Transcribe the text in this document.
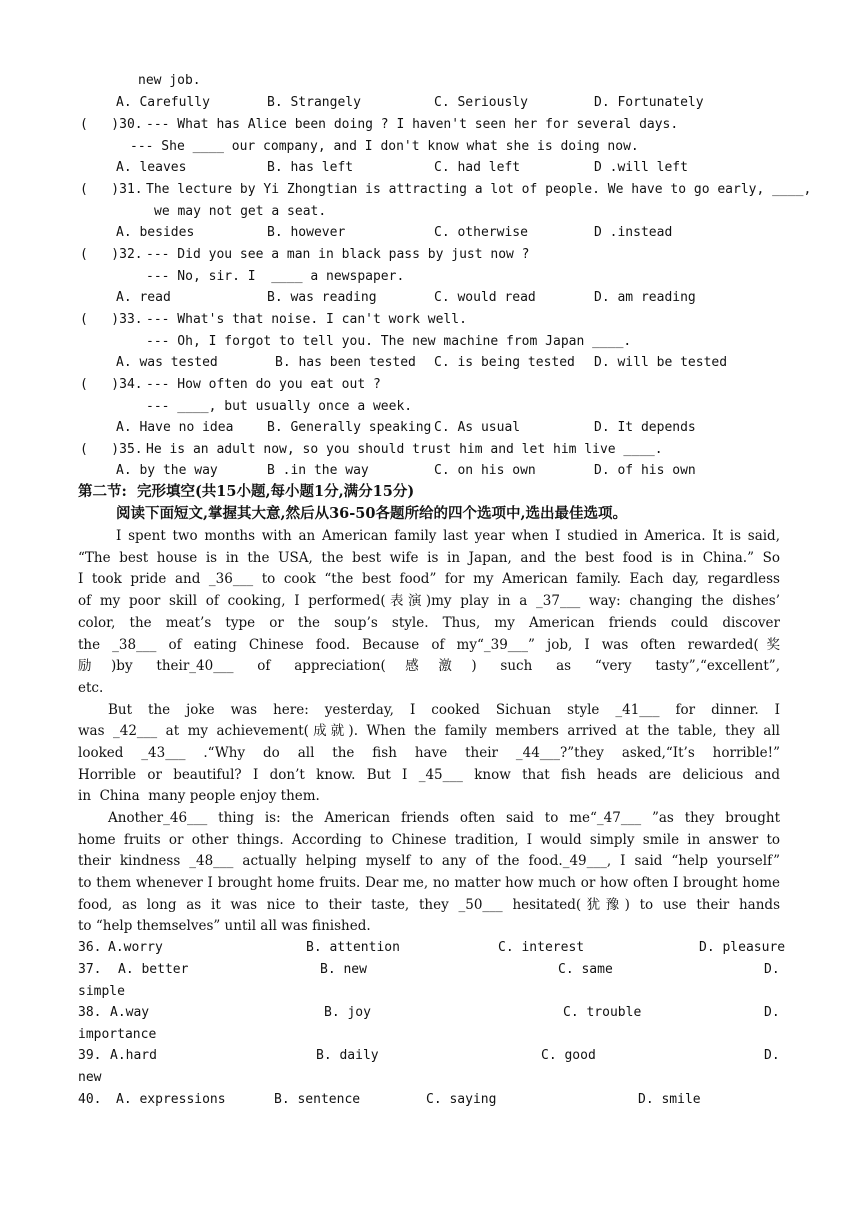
new job.
A. Carefully	B. Strangely	C. Seriously	D. Fortunately
(   )30. --- What has Alice been doing ? I haven't seen her for several days.
--- She ____ our company, and I don't know what she is doing now.
A. leaves	B. has left	C. had left	D .will left
(   )31. The lecture by Yi Zhongtian is attracting a lot of people. We have to go early, ____,
we may not get a seat.
A. besides	B. however	C. otherwise	D .instead
(   )32. --- Did you see a man in black pass by just now ?
--- No, sir. I  ____ a newspaper.
A. read	B. was reading	C. would read	D. am reading
(   )33. --- What's that noise. I can't work well.
--- Oh, I forgot to tell you. The new machine from Japan ____.
A. was tested	B. has been tested C. is being tested D. will be tested
(   )34. --- How often do you eat out ?
--- ____, but usually once a week.
A. Have no idea	B. Generally speaking C. As usual	D. It depends
(   )35. He is an adult now, so you should trust him and let him live ____.
A. by the way	B .in the way	C. on his own	D. of his own
第二节:  完形填空(共15小题,每小题1分,满分15分)
阅读下面短文,掌握其大意,然后从36-50各题所给的四个选项中,选出最佳选项。
I spent two months with an American family last year when I studied in America. It is said,
“The best house is in the USA, the best wife is in Japan, and the best food is in China.” So
I took pride and _36___ to cook “the best food” for my American family. Each day, regardless
of my poor skill of cooking, I performed(表演)my play in a _37___ way: changing the dishes’
color, the meat’s type or the soup’s style. Thus, my American friends could discover
the _38___ of eating Chinese food. Because of my“_39___” job, I was often rewarded(奖
励)by their_40___ of appreciation(感激) such as “very tasty”,“excellent”,
etc.
But the joke was here: yesterday, I cooked Sichuan style _41___ for dinner. I
was _42___ at my achievement(成就). When the family members arrived at the table, they all
looked _43___ .“Why do all the fish have their _44___?”they asked,“It’s horrible!”
Horrible or beautiful? I don’t know. But I _45___ know that fish heads are delicious and
in  China  many people enjoy them.
Another_46___ thing is: the American friends often said to me“_47___ ”as they brought
home fruits or other things. According to Chinese tradition, I would simply smile in answer to
their kindness _48___ actually helping myself to any of the food._49___, I said “help yourself”
to them whenever I brought home fruits. Dear me, no matter how much or how often I brought home
food, as long as it was nice to their taste, they _50___ hesitated(犹豫) to use their hands
to “help themselves” until all was finished.
36. A.worry	B. attention	C. interest	D. pleasure
37. A. better	B. new	C. same	D.
simple
38. A.way	B. joy	C. trouble	D.
importance
39. A.hard	B. daily	C. good	D.
new
40. A. expressions	B. sentence	C. saying	D. smile
